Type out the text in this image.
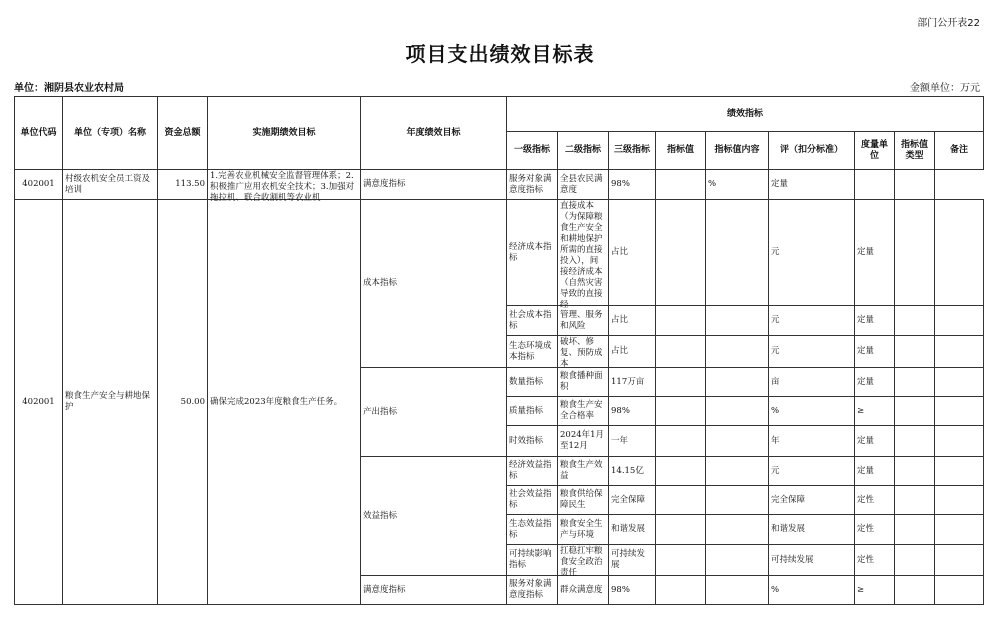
部门公开表22
项目支出绩效目标表
单位：湘阴县农业农村局	金额单位：万元
单位代码	单位（专项）名称	资金总额	实施期绩效目标	年度绩效目标	绩效指标								
					一级指标	二级指标	三级指标	指标值	指标值内容	评（扣分标准）	度量单位	指标值类型	备注
402001	村级农机安全员工资及培训	113.50	1.完善农业机械安全监督管理体系；2.积极推广应用农机安全技术；3.加强对拖拉机、联合收割机等农业机	满意度指标	服务对象满意度指标	全县农民满意度	98%		%	定量			
402001	粮食生产安全与耕地保护	50.00	确保完成2023年度粮食生产任务。	成本指标	经济成本指标	直接成本（为保障粮食生产安全和耕地保护所需的直接投入），间接经济成本（自然灾害导致的直接经	占比			元	定量		
					社会成本指标	管理、服务和风险	占比			元	定量		
					生态环境成本指标	破坏、修复、预防成本	占比			元	定量		
				产出指标	数量指标	粮食播种面积	117万亩			亩	定量		
					质量指标	粮食生产安全合格率	98%			%	≥		
					时效指标	2024年1月至12月	一年			年	定量		
				效益指标	经济效益指标	粮食生产效益	14.15亿			元	定量		
					社会效益指标	粮食供给保障民生	完全保障			完全保障	定性		
					生态效益指标	粮食安全生产与环境	和谐发展			和谐发展	定性		
					可持续影响指标	扛稳扛牢粮食安全政治责任	可持续发展			可持续发展	定性		
				满意度指标	服务对象满意度指标	群众满意度	98%			%	≥		
